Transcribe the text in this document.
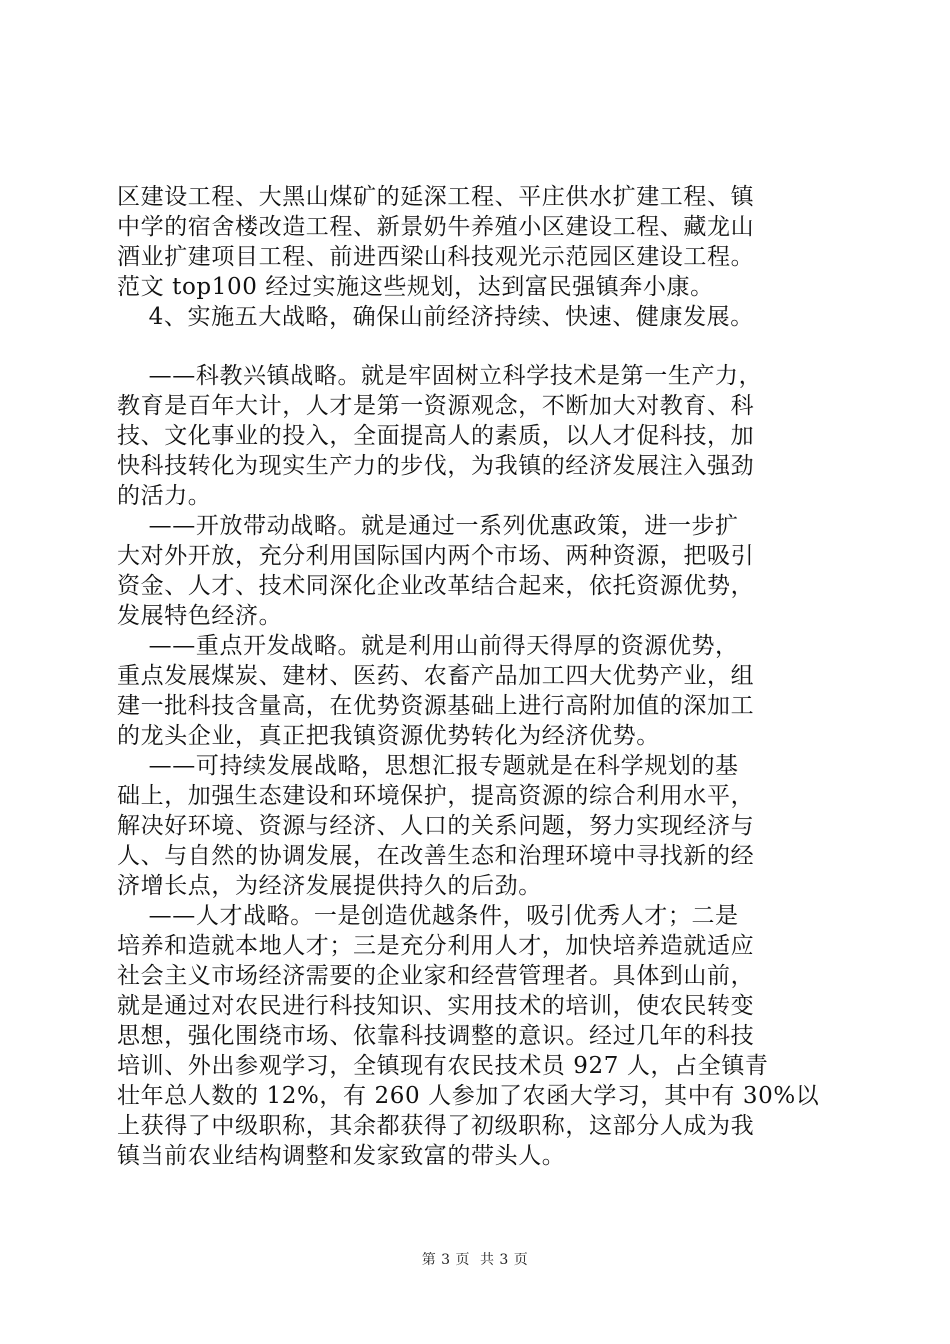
区建设工程、大黑山煤矿的延深工程、平庄供水扩建工程、镇
中学的宿舍楼改造工程、新景奶牛养殖小区建设工程、藏龙山
酒业扩建项目工程、前进西梁山科技观光示范园区建设工程。
范文 top100 经过实施这些规划，达到富民强镇奔小康。
4、实施五大战略，确保山前经济持续、快速、健康发展。
——科教兴镇战略。就是牢固树立科学技术是第一生产力，
教育是百年大计，人才是第一资源观念，不断加大对教育、科
技、文化事业的投入，全面提高人的素质，以人才促科技，加
快科技转化为现实生产力的步伐，为我镇的经济发展注入强劲
的活力。
——开放带动战略。就是通过一系列优惠政策，进一步扩
大对外开放，充分利用国际国内两个市场、两种资源，把吸引
资金、人才、技术同深化企业改革结合起来，依托资源优势，
发展特色经济。
——重点开发战略。就是利用山前得天得厚的资源优势，
重点发展煤炭、建材、医药、农畜产品加工四大优势产业，组
建一批科技含量高，在优势资源基础上进行高附加值的深加工
的龙头企业，真正把我镇资源优势转化为经济优势。
——可持续发展战略，思想汇报专题就是在科学规划的基
础上，加强生态建设和环境保护，提高资源的综合利用水平，
解决好环境、资源与经济、人口的关系问题，努力实现经济与
人、与自然的协调发展，在改善生态和治理环境中寻找新的经
济增长点，为经济发展提供持久的后劲。
——人才战略。一是创造优越条件，吸引优秀人才；二是
培养和造就本地人才；三是充分利用人才，加快培养造就适应
社会主义市场经济需要的企业家和经营管理者。具体到山前，
就是通过对农民进行科技知识、实用技术的培训，使农民转变
思想，强化围绕市场、依靠科技调整的意识。经过几年的科技
培训、外出参观学习，全镇现有农民技术员 927 人，占全镇青
壮年总人数的 12%，有 260 人参加了农函大学习，其中有 30%以
上获得了中级职称，其余都获得了初级职称，这部分人成为我
镇当前农业结构调整和发家致富的带头人。
第 3 页  共 3 页
